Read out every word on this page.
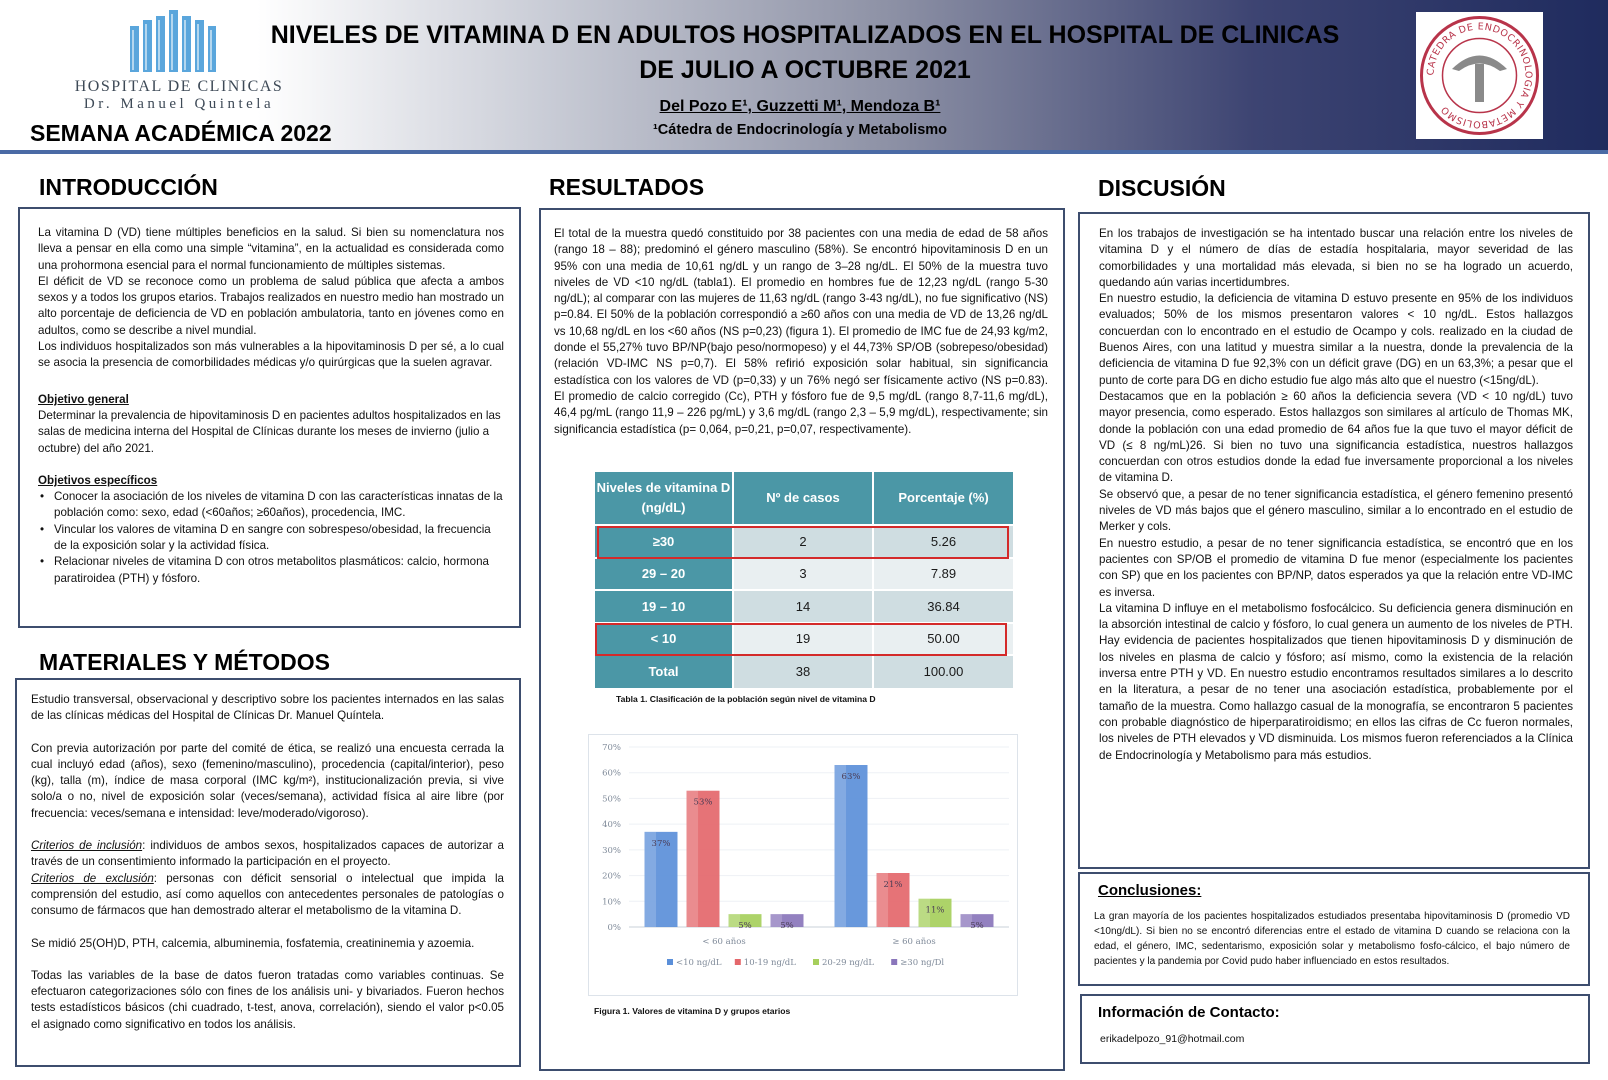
HOSPITAL DE CLINICAS
Dr. Manuel Quintela
SEMANA ACADÉMICA 2022
NIVELES DE VITAMINA D EN ADULTOS HOSPITALIZADOS EN EL HOSPITAL DE CLINICAS
DE JULIO A OCTUBRE 2021
Del Pozo E¹, Guzzetti M¹, Mendoza B¹
¹Cátedra de Endocrinología y Metabolismo
CATEDRA DE ENDOCRINOLOGIA Y METABOLISMO
INTRODUCCIÓN

La vitamina D (VD) tiene múltiples beneficios en la salud. Si bien su nomenclatura nos lleva a pensar en ella como una simple “vitamina”, en la actualidad es considerada como una prohormona esencial para el normal funcionamiento de múltiples sistemas.

El déficit de VD se reconoce como un problema de salud pública que afecta a ambos sexos y a todos los grupos etarios. Trabajos realizados en nuestro medio han mostrado un alto porcentaje de deficiencia de VD en población ambulatoria, tanto en jóvenes como en adultos, como se describe a nivel mundial.

Los individuos hospitalizados son más vulnerables a la hipovitaminosis D per sé, a lo cual se asocia la presencia de comorbilidades médicas y/o quirúrgicas que la suelen agravar.

Objetivo general

Determinar la prevalencia de hipovitaminosis D en pacientes adultos hospitalizados en las salas de medicina interna del Hospital de Clínicas durante los meses de invierno (julio a octubre) del año 2021.

Objetivos específicos

• Conocer la asociación de los niveles de vitamina D con las características innatas de la población como: sexo, edad (<60años; ≥60años), procedencia, IMC.
• Vincular los valores de vitamina D en sangre con sobrespeso/obesidad, la frecuencia de la exposición solar y la actividad física.
• Relacionar niveles de vitamina D con otros metabolitos plasmáticos: calcio, hormona paratiroidea (PTH) y fósforo.
MATERIALES Y MÉTODOS

Estudio transversal, observacional y descriptivo sobre los pacientes internados en las salas de las clínicas médicas del Hospital de Clínicas Dr. Manuel Quíntela.

Con previa autorización por parte del comité de ética, se realizó una encuesta cerrada la cual incluyó edad (años), sexo (femenino/masculino), procedencia (capital/interior), peso (kg), talla (m), índice de masa corporal (IMC kg/m²), institucionalización previa, si vive solo/a o no, nivel de exposición solar (veces/semana), actividad física al aire libre (por frecuencia: veces/semana e intensidad: leve/moderado/vigoroso).

Criterios de inclusión: individuos de ambos sexos, hospitalizados capaces de autorizar a través de un consentimiento informado la participación en el proyecto.

Criterios de exclusión: personas con déficit sensorial o intelectual que impida la comprensión del estudio, así como aquellos con antecedentes personales de patologías o consumo de fármacos que han demostrado alterar el metabolismo de la vitamina D.

Se midió 25(OH)D, PTH, calcemia, albuminemia, fosfatemia, creatininemia y azoemia.

Todas las variables de la base de datos fueron tratadas como variables continuas. Se efectuaron categorizaciones sólo con fines de los análisis uni- y bivariados. Fueron hechos tests estadísticos básicos (chi cuadrado, t-test, anova, correlación), siendo el valor p<0.05 el asignado como significativo en todos los análisis.

RESULTADOS
El total de la muestra quedó constituido por 38 pacientes con una media de edad de 58 años (rango 18 – 88); predominó el género masculino (58%). Se encontró hipovitaminosis D en un 95% con una media de 10,61 ng/dL y un rango de 3–28 ng/dL. El 50% de la muestra tuvo niveles de VD <10 ng/dL (tabla1). El promedio en hombres fue de 12,23 ng/dL (rango 5-30 ng/dL); al comparar con las mujeres de 11,63 ng/dL (rango 3-43 ng/dL), no fue significativo (NS) p=0.84. El 50% de la población correspondió a ≥60 años con una media de VD de 13,26 ng/dL vs 10,68 ng/dL en los <60 años (NS p=0,23) (figura 1). El promedio de IMC fue de 24,93 kg/m2, donde el 55,27% tuvo BP/NP(bajo peso/normopeso) y el 44,73% SP/OB (sobrepeso/obesidad) (relación VD-IMC NS p=0,7). El 58% refirió exposición solar habitual, sin significancia estadística con los valores de VD (p=0,33) y un 76% negó ser físicamente activo (NS p=0.83). El promedio de calcio corregido (Cc), PTH y fósforo fue de 9,5 mg/dL (rango 8,7-11,6 mg/dL), 46,4 pg/mL (rango 11,9 – 226 pg/mL) y 3,6 mg/dL (rango 2,3 – 5,9 mg/dL), respectivamente; sin significancia estadística (p= 0,064, p=0,21, p=0,07, respectivamente).
Niveles de vitamina D (ng/dL)	Nº de casos	Porcentaje (%)
≥30	2	5.26
29 – 20	3	7.89
19 – 10	14	36.84
< 10	19	50.00
Total	38	100.00
Tabla 1. Clasificación de la población según nivel de vitamina D
0%
10%
20%
30%
40%
50%
60%
70%
37%
53%
5%	5%
< 60 años
63%
21%
11%
5%
≥ 60 años
<10 ng/dL	10-19 ng/dL	20-29 ng/dL	≥30 ng/Dl
Figura 1. Valores de vitamina D y grupos etarios
DISCUSIÓN

En los trabajos de investigación se ha intentado buscar una relación entre los niveles de vitamina D y el número de días de estadía hospitalaria, mayor severidad de las comorbilidades y una mortalidad más elevada, si bien no se ha logrado un acuerdo, quedando aún varias incertidumbres.

En nuestro estudio, la deficiencia de vitamina D estuvo presente en 95% de los individuos evaluados; 50% de los mismos presentaron valores < 10 ng/dL. Estos hallazgos concuerdan con lo encontrado en el estudio de Ocampo y cols. realizado en la ciudad de Buenos Aires, con una latitud y muestra similar a la nuestra, donde la prevalencia de la deficiencia de vitamina D fue 92,3% con un déficit grave (DG) en un 63,3%; a pesar que el punto de corte para DG en dicho estudio fue algo más alto que el nuestro (<15ng/dL).

Destacamos que en la población ≥ 60 años la deficiencia severa (VD < 10 ng/dL) tuvo mayor presencia, como esperado. Estos hallazgos son similares al artículo de Thomas MK, donde la población con una edad promedio de 64 años fue la que tuvo el mayor déficit de VD (≤ 8 ng/mL)26. Si bien no tuvo una significancia estadística, nuestros hallazgos concuerdan con otros estudios donde la edad fue inversamente proporcional a los niveles de vitamina D.

Se observó que, a pesar de no tener significancia estadística, el género femenino presentó niveles de VD más bajos que el género masculino, similar a lo encontrado en el estudio de Merker y cols.

En nuestro estudio, a pesar de no tener significancia estadística, se encontró que en los pacientes con SP/OB el promedio de vitamina D fue menor (especialmente los pacientes con SP) que en los pacientes con BP/NP, datos esperados ya que la relación entre VD-IMC es inversa.

La vitamina D influye en el metabolismo fosfocálcico. Su deficiencia genera disminución en la absorción intestinal de calcio y fósforo, lo cual genera un aumento de los niveles de PTH. Hay evidencia de pacientes hospitalizados que tienen hipovitaminosis D y disminución de los niveles en plasma de calcio y fósforo; así mismo, como la existencia de la relación inversa entre PTH y VD. En nuestro estudio encontramos resultados similares a lo descrito en la literatura, a pesar de no tener una asociación estadística, probablemente por el tamaño de la muestra. Como hallazgo casual de la monografía, se encontraron 5 pacientes con probable diagnóstico de hiperparatiroidismo; en ellos las cifras de Cc fueron normales, los niveles de PTH elevados y VD disminuida. Los mismos fueron referenciados a la Clínica de Endocrinología y Metabolismo para más estudios.

La gran mayoría de los pacientes hospitalizados estudiados presentaba hipovitaminosis D (promedio VD <10ng/dL). Si bien no se encontró diferencias entre el estado de vitamina D cuando se relaciona con la edad, el género, IMC, sedentarismo, exposición solar y metabolismo fosfo-cálcico, el bajo número de pacientes y la pandemia por Covid pudo haber influenciado en estos resultados.
Conclusiones:
Información de Contacto:
erikadelpozo_91@hotmail.com
